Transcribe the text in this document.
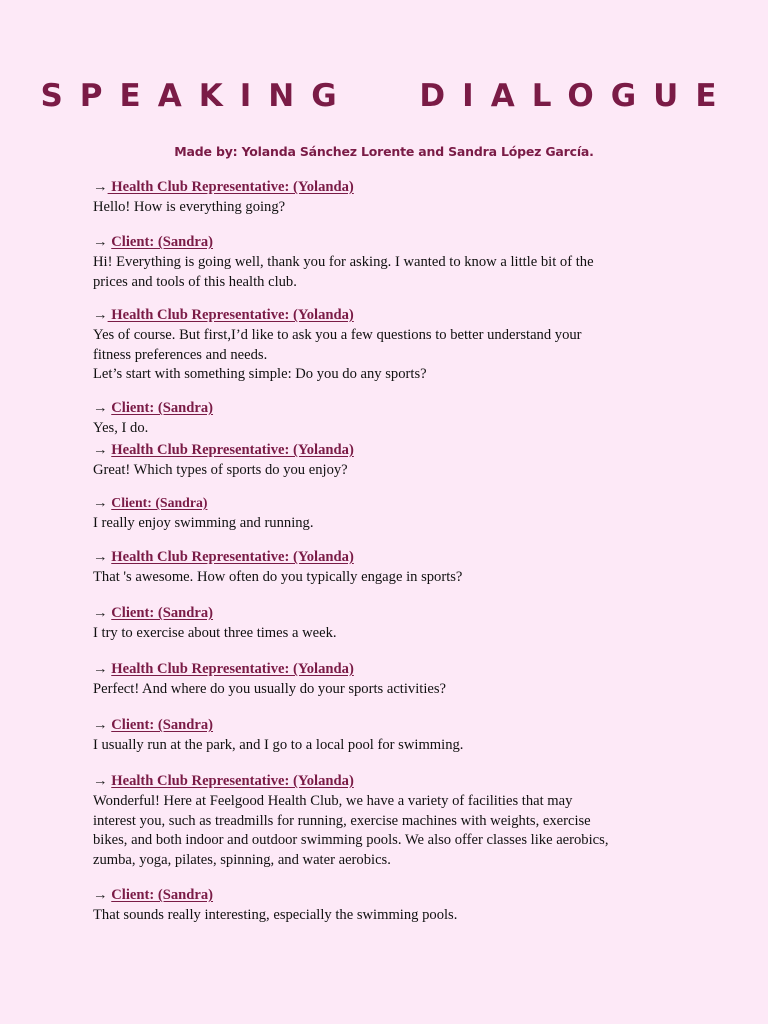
SPEAKING DIALOGUE
Made by: Yolanda Sánchez Lorente and Sandra López García.
→ Health Club Representative: (Yolanda)
Hello! How is everything going?
→ Client: (Sandra)
Hi! Everything is going well, thank you for asking. I wanted to know a little bit of the
prices and tools of this health club.
→ Health Club Representative: (Yolanda)
Yes of course. But first,I’d like to ask you a few questions to better understand your
fitness preferences and needs.
Let’s start with something simple: Do you do any sports?
→ Client: (Sandra)
Yes, I do.
→ Health Club Representative: (Yolanda)
Great! Which types of sports do you enjoy?
→ Client: (Sandra)
I really enjoy swimming and running.
→ Health Club Representative: (Yolanda)
That 's awesome. How often do you typically engage in sports?
→ Client: (Sandra)
I try to exercise about three times a week.
→ Health Club Representative: (Yolanda)
Perfect! And where do you usually do your sports activities?
→ Client: (Sandra)
I usually run at the park, and I go to a local pool for swimming.
→ Health Club Representative: (Yolanda)
Wonderful! Here at Feelgood Health Club, we have a variety of facilities that may
interest you, such as treadmills for running, exercise machines with weights, exercise
bikes, and both indoor and outdoor swimming pools. We also offer classes like aerobics,
zumba, yoga, pilates, spinning, and water aerobics.
→ Client: (Sandra)
That sounds really interesting, especially the swimming pools.
